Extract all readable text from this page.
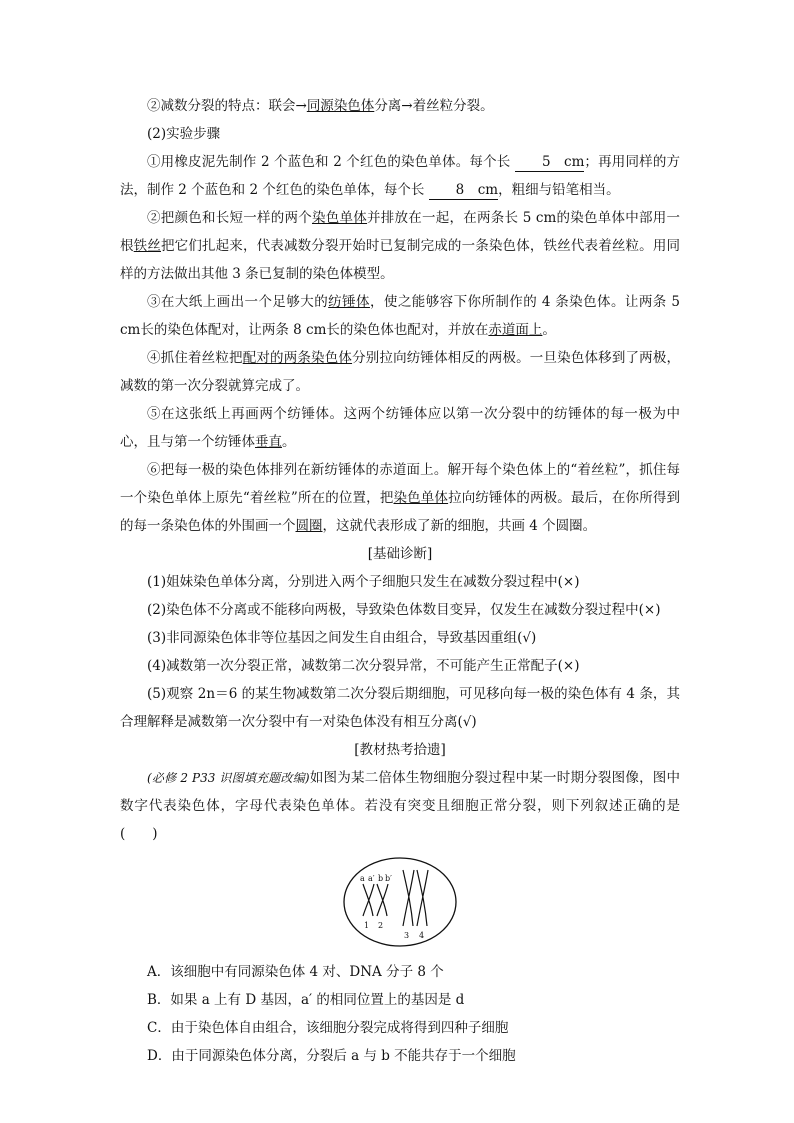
②减数分裂的特点：联会→同源染色体分离→着丝粒分裂。

(2)实验步骤

①用橡皮泥先制作 2 个蓝色和 2 个红色的染色单体。每个长 5　cm；再用同样的方法，制作 2 个蓝色和 2 个红色的染色单体，每个长 8　cm，粗细与铅笔相当。

②把颜色和长短一样的两个染色单体并排放在一起，在两条长 5 cm的染色单体中部用一根铁丝把它们扎起来，代表减数分裂开始时已复制完成的一条染色体，铁丝代表着丝粒。用同样的方法做出其他 3 条已复制的染色体模型。

③在大纸上画出一个足够大的纺锤体，使之能够容下你所制作的 4 条染色体。让两条 5 cm长的染色体配对，让两条 8 cm长的染色体也配对，并放在赤道面上。

④抓住着丝粒把配对的两条染色体分别拉向纺锤体相反的两极。一旦染色体移到了两极，减数的第一次分裂就算完成了。

⑤在这张纸上再画两个纺锤体。这两个纺锤体应以第一次分裂中的纺锤体的每一极为中心，且与第一个纺锤体垂直。

⑥把每一极的染色体排列在新纺锤体的赤道面上。解开每个染色体上的“着丝粒”，抓住每一个染色单体上原先“着丝粒”所在的位置，把染色单体拉向纺锤体的两极。最后，在你所得到的每一条染色体的外围画一个圆圈，这就代表形成了新的细胞，共画 4 个圆圈。

[基础诊断]

(1)姐妹染色单体分离，分别进入两个子细胞只发生在减数分裂过程中(×)

(2)染色体不分离或不能移向两极，导致染色体数目变异，仅发生在减数分裂过程中(×)

(3)非同源染色体非等位基因之间发生自由组合，导致基因重组(√)

(4)减数第一次分裂正常，减数第二次分裂异常，不可能产生正常配子(×)

(5)观察 2n＝6 的某生物减数第二次分裂后期细胞，可见移向每一极的染色体有 4 条，其合理解释是减数第一次分裂中有一对染色体没有相互分离(√)

[教材热考拾遗]

(必修 2 P33 识图填充题改编)如图为某二倍体生物细胞分裂过程中某一时期分裂图像，图中数字代表染色体，字母代表染色单体。若没有突变且细胞正常分裂，则下列叙述正确的是(　　)

a a′ b b′
1 2
3 4

A．该细胞中有同源染色体 4 对、DNA 分子 8 个

B．如果 a 上有 D 基因，a′ 的相同位置上的基因是 d

C．由于染色体自由组合，该细胞分裂完成将得到四种子细胞

D．由于同源染色体分离，分裂后 a 与 b 不能共存于一个细胞
